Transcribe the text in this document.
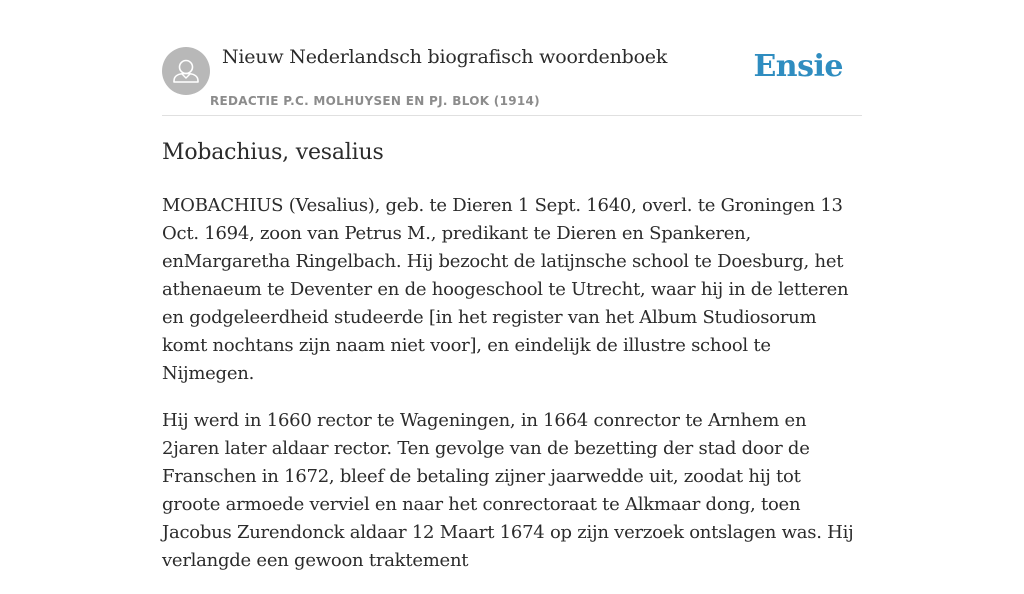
Nieuw Nederlandsch biografisch woordenboek
REDACTIE P.C. MOLHUYSEN EN PJ. BLOK (1914)
Ensie
Mobachius, vesalius

MOBACHIUS (Vesalius), geb. te Dieren 1 Sept. 1640, overl. te Groningen 13 Oct. 1694, zoon van Petrus M., predikant te Dieren en Spankeren, enMargaretha Ringelbach. Hij bezocht de latijnsche school te Doesburg, het athenaeum te Deventer en de hoogeschool te Utrecht, waar hij in de letteren en godgeleerdheid studeerde [in het register van het Album Studiosorum komt nochtans zijn naam niet voor], en eindelijk de illustre school te Nijmegen.

Hij werd in 1660 rector te Wageningen, in 1664 conrector te Arnhem en 2jaren later aldaar rector. Ten gevolge van de bezetting der stad door de Franschen in 1672, bleef de betaling zijner jaarwedde uit, zoodat hij tot groote armoede verviel en naar het conrectoraat te Alkmaar dong, toen Jacobus Zurendonck aldaar 12 Maart 1674 op zijn verzoek ontslagen was. Hij verlangde een gewoon traktement
